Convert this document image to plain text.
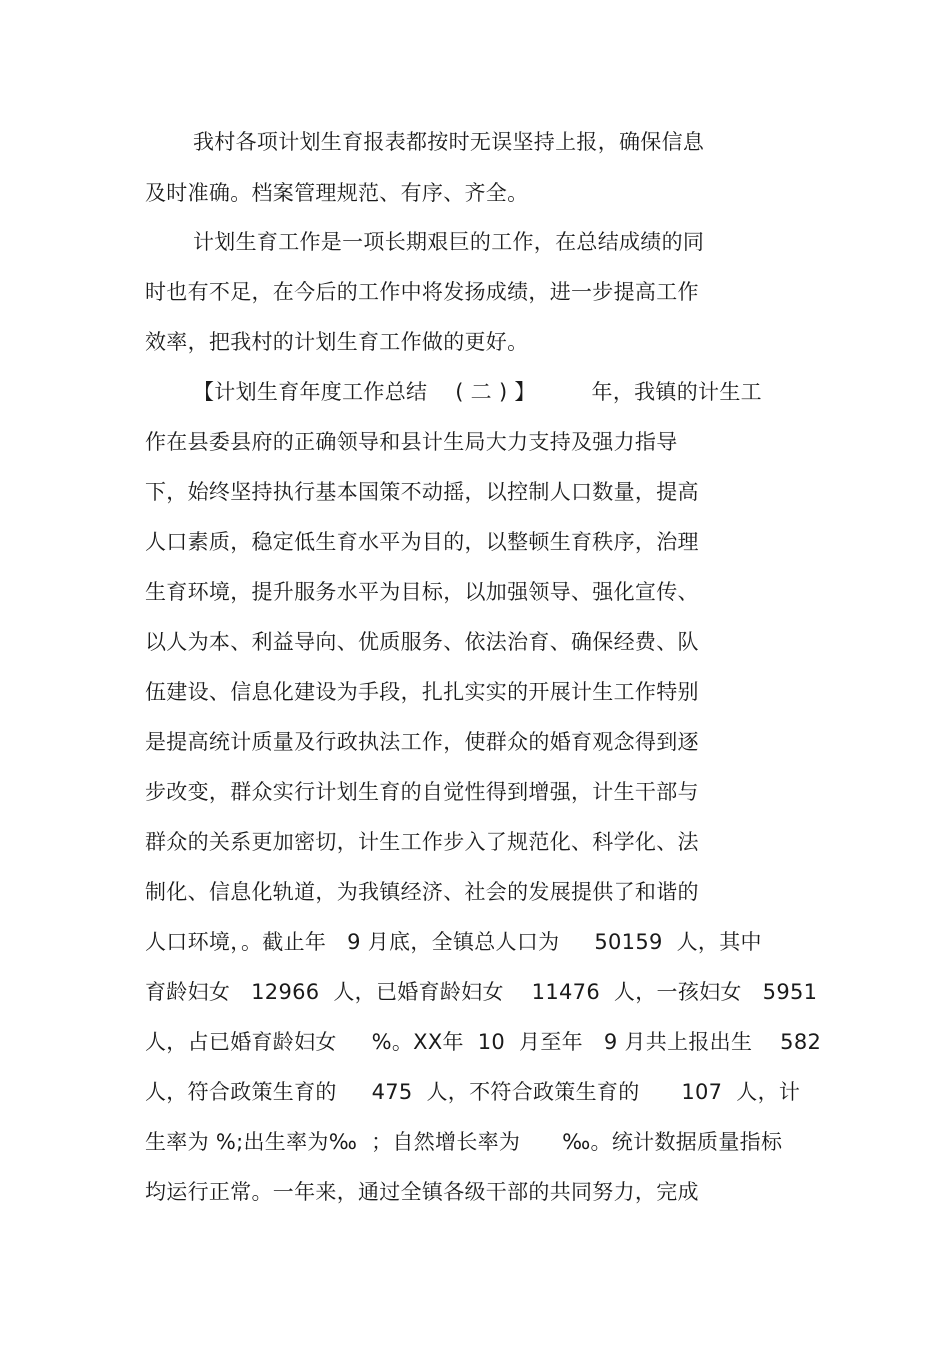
我村各项计划生育报表都按时无误坚持上报，确保信息
及时准确。档案管理规范、有序、齐全。
计划生育工作是一项长期艰巨的工作，在总结成绩的同
时也有不足，在今后的工作中将发扬成绩，进一步提高工作
效率，把我村的计划生育工作做的更好。
【计划生育年度工作总结    ( 二 ) 】        年，我镇的计生工
作在县委县府的正确领导和县计生局大力支持及强力指导
下，始终坚持执行基本国策不动摇，以控制人口数量，提高
人口素质，稳定低生育水平为目的，以整顿生育秩序，治理
生育环境，提升服务水平为目标，以加强领导、强化宣传、
以人为本、利益导向、优质服务、依法治育、确保经费、队
伍建设、信息化建设为手段，扎扎实实的开展计生工作特别
是提高统计质量及行政执法工作，使群众的婚育观念得到逐
步改变，群众实行计划生育的自觉性得到增强，计生干部与
群众的关系更加密切，计生工作步入了规范化、科学化、法
制化、信息化轨道，为我镇经济、社会的发展提供了和谐的
人口环境，。截止年   9 月底，全镇总人口为     50159  人，其中
育龄妇女   12966  人，已婚育龄妇女    11476  人，一孩妇女   5951
人，占已婚育龄妇女     %。XX年  10  月至年   9 月共上报出生    582
人，符合政策生育的     475  人，不符合政策生育的      107  人，计
生率为 %;出生率为‰  ；自然增长率为      ‰。统计数据质量指标
均运行正常。一年来，通过全镇各级干部的共同努力，完成
